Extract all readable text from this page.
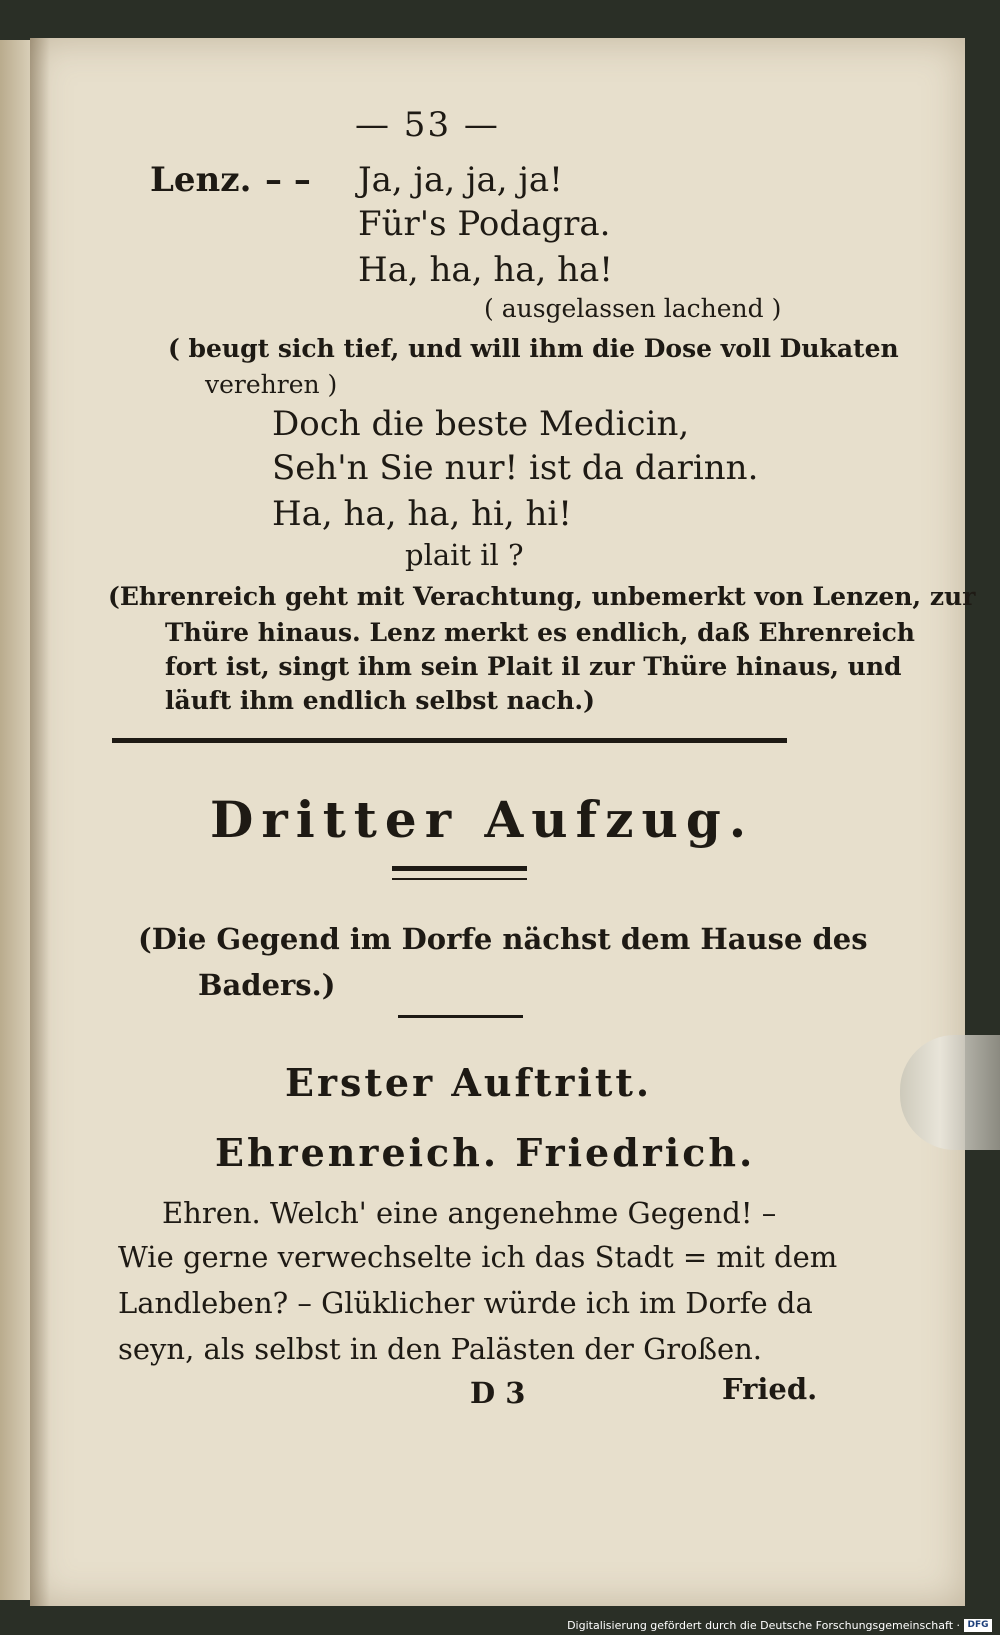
— 53 —
Lenz. – – Ja, ja, ja, ja!
Für's Podagra.
Ha, ha, ha, ha!
( ausgelassen lachend )
( beugt sich tief, und will ihm die Dose voll Dukaten
verehren )
Doch die beste Medicin,
Seh'n Sie nur! ist da darinn.
Ha, ha, ha, hi, hi!
plait il ?
(Ehrenreich geht mit Verachtung, unbemerkt von Lenzen, zur
Thüre hinaus. Lenz merkt es endlich, daß Ehrenreich
fort ist, singt ihm sein Plait il zur Thüre hinaus, und
läuft ihm endlich selbst nach.)
Dritter Aufzug.
(Die Gegend im Dorfe nächst dem Hause des
Baders.)
Erster Auftritt.
Ehrenreich. Friedrich.
Ehren. Welch' eine angenehme Gegend! –
Wie gerne verwechselte ich das Stadt = mit dem
Landleben? – Glüklicher würde ich im Dorfe da
seyn, als selbst in den Palästen der Großen.
D 3	Fried.
Digitalisierung gefördert durch die Deutsche Forschungsgemeinschaft · DFG
